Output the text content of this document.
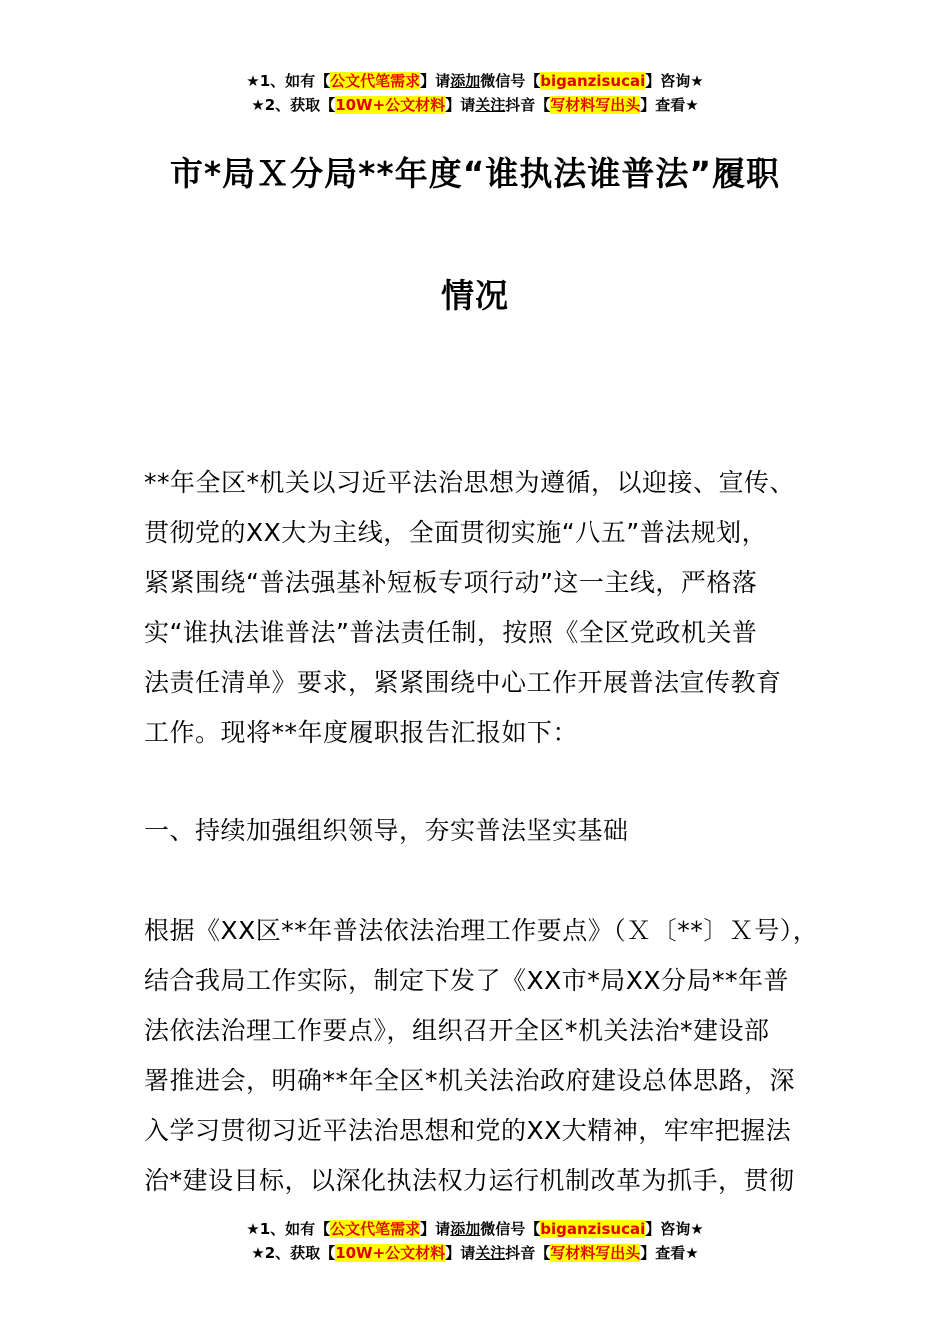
★1、如有【公文代笔需求】请添加微信号【biganzisucai】咨询★
★2、获取【10W+公文材料】请关注抖音【写材料写出头】查看★
市*局Ｘ分局**年度“谁执法谁普法”履职
情况
**年全区*机关以习近平法治思想为遵循，以迎接、宣传、
贯彻党的XX大为主线，全面贯彻实施“八五”普法规划，
紧紧围绕“普法强基补短板专项行动”这一主线，严格落
实“谁执法谁普法”普法责任制，按照《全区党政机关普
法责任清单》要求，紧紧围绕中心工作开展普法宣传教育
工作。现将**年度履职报告汇报如下：
一、持续加强组织领导，夯实普法坚实基础
根据《XX区**年普法依法治理工作要点》（Ｘ〔**〕Ｘ号），
结合我局工作实际，制定下发了《XX市*局XX分局**年普
法依法治理工作要点》，组织召开全区*机关法治*建设部
署推进会，明确**年全区*机关法治政府建设总体思路，深
入学习贯彻习近平法治思想和党的XX大精神，牢牢把握法
治*建设目标，以深化执法权力运行机制改革为抓手，贯彻
★1、如有【公文代笔需求】请添加微信号【biganzisucai】咨询★
★2、获取【10W+公文材料】请关注抖音【写材料写出头】查看★
